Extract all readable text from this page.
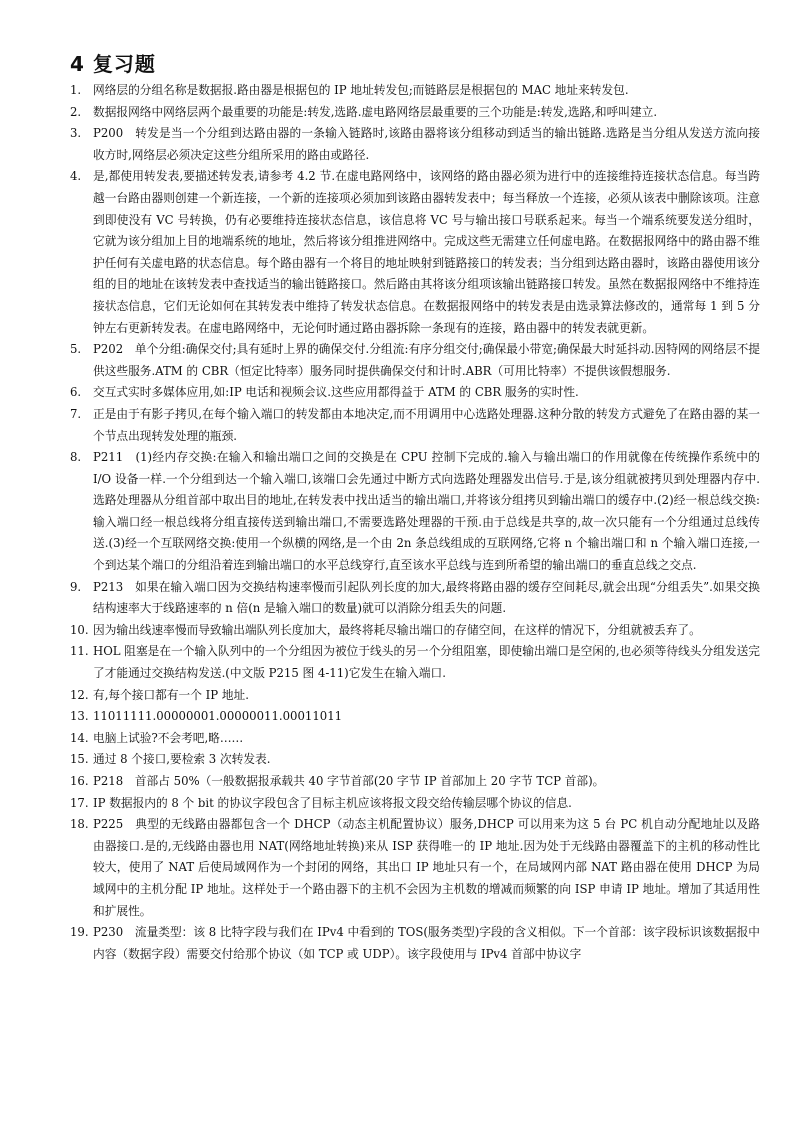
4 复习题
1.	网络层的分组名称是数据报.路由器是根据包的 IP 地址转发包;而链路层是根据包的 MAC 地址来转发包.
2.	数据报网络中网络层两个最重要的功能是:转发,选路.虚电路网络层最重要的三个功能是:转发,选路,和呼叫建立.
3.	P200　转发是当一个分组到达路由器的一条输入链路时,该路由器将该分组移动到适当的输出链路.选路是当分组从发送方流向接收方时,网络层必须决定这些分组所采用的路由或路径.
4.	是,都使用转发表,要描述转发表,请参考 4.2 节.在虚电路网络中，该网络的路由器必须为进行中的连接维持连接状态信息。每当跨越一台路由器则创建一个新连接，一个新的连接项必须加到该路由器转发表中；每当释放一个连接，必须从该表中删除该项。注意到即使没有 VC 号转换，仍有必要维持连接状态信息，该信息将 VC 号与输出接口号联系起来。每当一个端系统要发送分组时，它就为该分组加上目的地端系统的地址，然后将该分组推进网络中。完成这些无需建立任何虚电路。在数据报网络中的路由器不维护任何有关虚电路的状态信息。每个路由器有一个将目的地址映射到链路接口的转发表；当分组到达路由器时，该路由器使用该分组的目的地址在该转发表中查找适当的输出链路接口。然后路由其将该分组项该输出链路接口转发。虽然在数据报网络中不维持连接状态信息，它们无论如何在其转发表中维持了转发状态信息。在数据报网络中的转发表是由选录算法修改的，通常每 1 到 5 分钟左右更新转发表。在虚电路网络中，无论何时通过路由器拆除一条现有的连接，路由器中的转发表就更新。
5.	P202　单个分组:确保交付;具有延时上界的确保交付.分组流:有序分组交付;确保最小带宽;确保最大时延抖动.因特网的网络层不提供这些服务.ATM 的 CBR（恒定比特率）服务同时提供确保交付和计时.ABR（可用比特率）不提供该假想服务.
6.	交互式实时多媒体应用,如:IP 电话和视频会议.这些应用都得益于 ATM 的 CBR 服务的实时性.
7.	正是由于有影子拷贝,在每个输入端口的转发都由本地决定,而不用调用中心选路处理器.这种分散的转发方式避免了在路由器的某一个节点出现转发处理的瓶颈.
8.	P211　(1)经内存交换:在输入和输出端口之间的交换是在 CPU 控制下完成的.输入与输出端口的作用就像在传统操作系统中的 I/O 设备一样.一个分组到达一个输入端口,该端口会先通过中断方式向选路处理器发出信号.于是,该分组就被拷贝到处理器内存中.选路处理器从分组首部中取出目的地址,在转发表中找出适当的输出端口,并将该分组拷贝到输出端口的缓存中.(2)经一根总线交换:输入端口经一根总线将分组直接传送到输出端口,不需要选路处理器的干预.由于总线是共享的,故一次只能有一个分组通过总线传送.(3)经一个互联网络交换:使用一个纵横的网络,是一个由 2n 条总线组成的互联网络,它将 n 个输出端口和 n 个输入端口连接,一个到达某个端口的分组沿着连到输出端口的水平总线穿行,直至该水平总线与连到所希望的输出端口的垂直总线之交点.
9.	P213　如果在输入端口因为交换结构速率慢而引起队列长度的加大,最终将路由器的缓存空间耗尽,就会出现“分组丢失”.如果交换结构速率大于线路速率的 n 倍(n 是输入端口的数量)就可以消除分组丢失的问题.
10. 因为输出线速率慢而导致输出端队列长度加大，最终将耗尽输出端口的存储空间，在这样的情况下，分组就被丢弃了。
11. HOL 阻塞是在一个输入队列中的一个分组因为被位于线头的另一个分组阻塞，即使输出端口是空闲的,也必须等待线头分组发送完了才能通过交换结构发送.(中文版 P215 图 4-11)它发生在输入端口.
12. 有,每个接口都有一个 IP 地址.
13. 11011111.00000001.00000011.00011011
14. 电脑上试验?不会考吧,略……
15. 通过 8 个接口,要检索 3 次转发表.
16. P218　首部占 50%（一般数据报承载共 40 字节首部(20 字节 IP 首部加上 20 字节 TCP 首部)。
17. IP 数据报内的 8 个 bit 的协议字段包含了目标主机应该将报文段交给传输层哪个协议的信息.
18. P225　典型的无线路由器都包含一个 DHCP（动态主机配置协议）服务,DHCP 可以用来为这 5 台 PC 机自动分配地址以及路由器接口.是的,无线路由器也用 NAT(网络地址转换)来从 ISP 获得唯一的 IP 地址.因为处于无线路由器覆盖下的主机的移动性比较大，使用了 NAT 后使局域网作为一个封闭的网络，其出口 IP 地址只有一个，在局域网内部 NAT 路由器在使用 DHCP 为局域网中的主机分配 IP 地址。这样处于一个路由器下的主机不会因为主机数的增减而频繁的向 ISP 申请 IP 地址。增加了其适用性和扩展性。
19. P230　流量类型：该 8 比特字段与我们在 IPv4 中看到的 TOS(服务类型)字段的含义相似。下一个首部：该字段标识该数据报中内容（数据字段）需要交付给那个协议（如 TCP 或 UDP）。该字段使用与 IPv4 首部中协议字
